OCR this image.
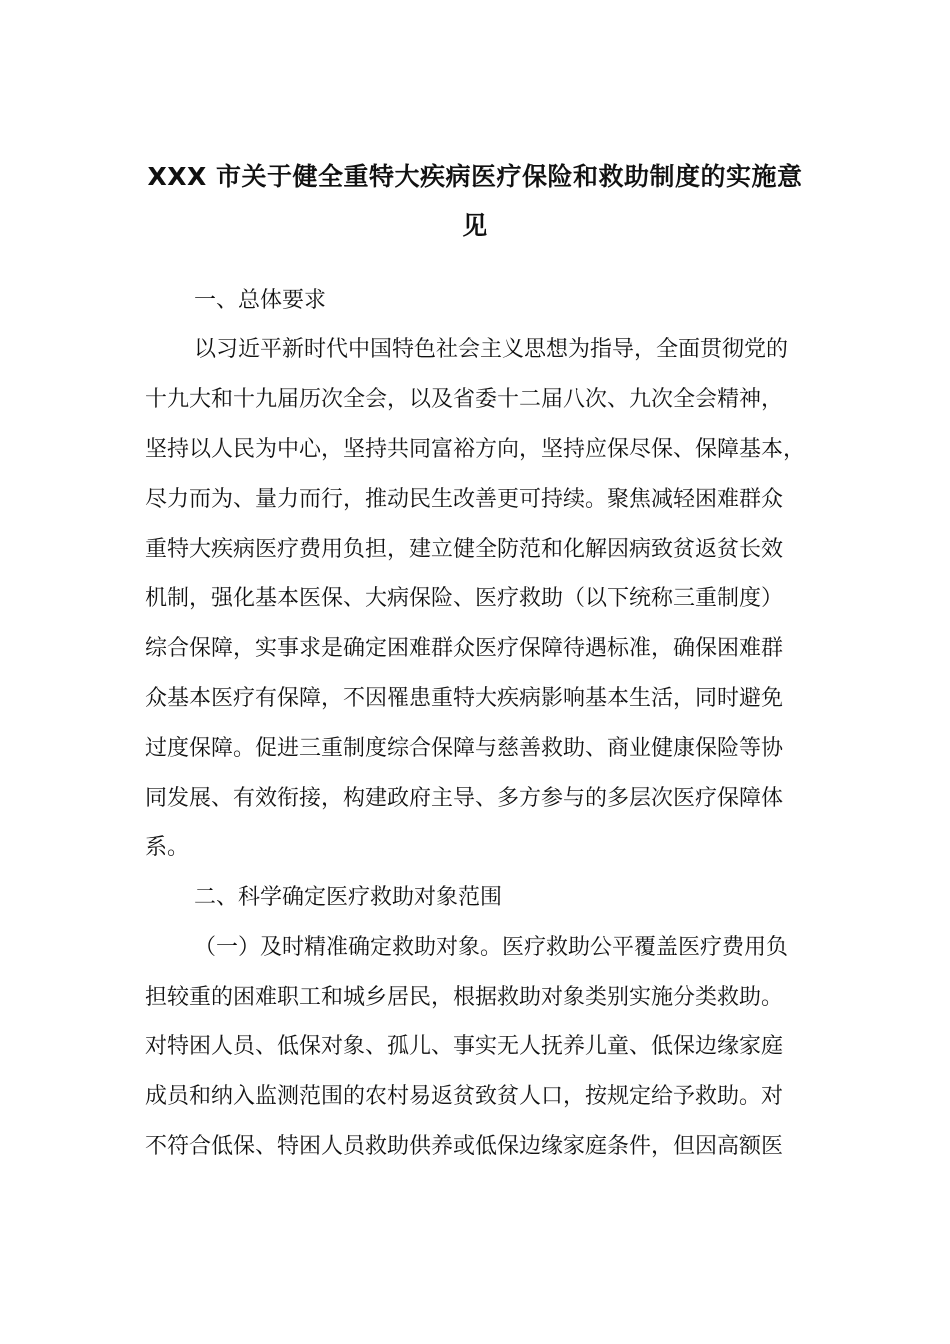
XXX 市关于健全重特大疾病医疗保险和救助制度的实施意
见

一、总体要求

以习近平新时代中国特色社会主义思想为指导，全面贯彻党的

十九大和十九届历次全会，以及省委十二届八次、九次全会精神，

坚持以人民为中心，坚持共同富裕方向，坚持应保尽保、保障基本，

尽力而为、量力而行，推动民生改善更可持续。聚焦减轻困难群众

重特大疾病医疗费用负担，建立健全防范和化解因病致贫返贫长效

机制，强化基本医保、大病保险、医疗救助（以下统称三重制度）

综合保障，实事求是确定困难群众医疗保障待遇标准，确保困难群

众基本医疗有保障，不因罹患重特大疾病影响基本生活，同时避免

过度保障。促进三重制度综合保障与慈善救助、商业健康保险等协

同发展、有效衔接，构建政府主导、多方参与的多层次医疗保障体

系。

二、科学确定医疗救助对象范围

（一）及时精准确定救助对象。医疗救助公平覆盖医疗费用负

担较重的困难职工和城乡居民，根据救助对象类别实施分类救助。

对特困人员、低保对象、孤儿、事实无人抚养儿童、低保边缘家庭

成员和纳入监测范围的农村易返贫致贫人口，按规定给予救助。对

不符合低保、特困人员救助供养或低保边缘家庭条件，但因高额医
